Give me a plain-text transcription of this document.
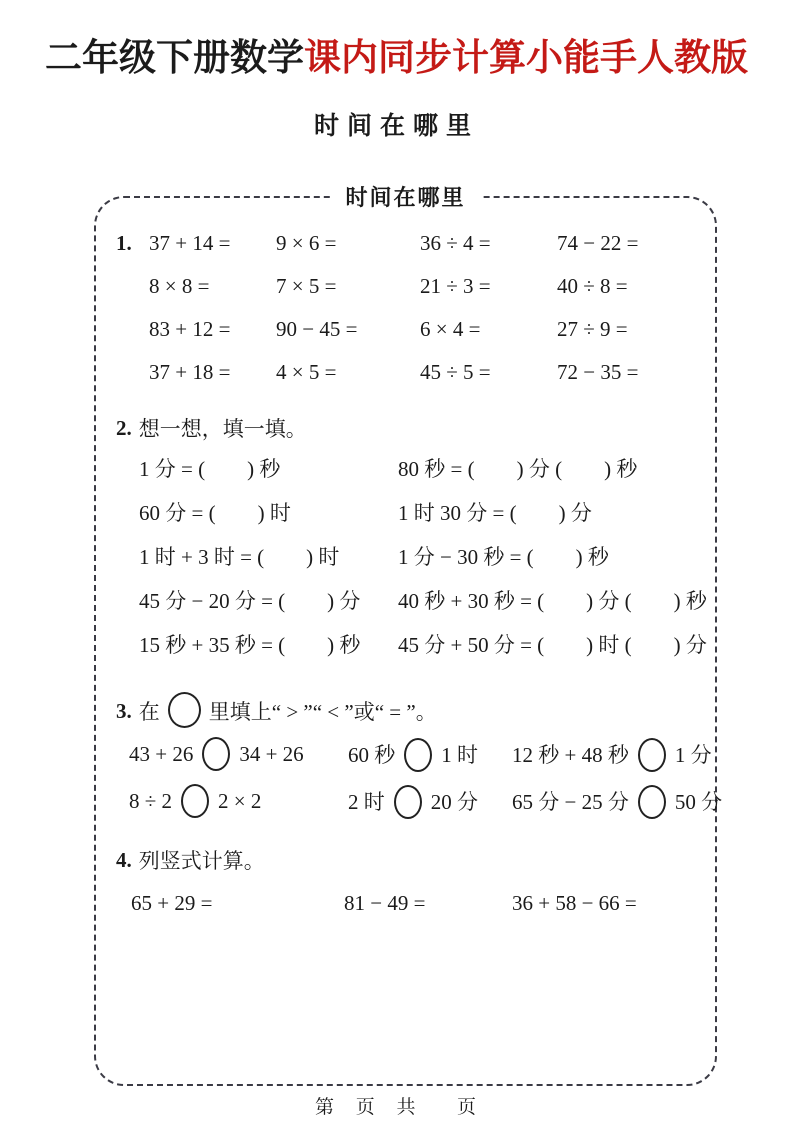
二年级下册数学课内同步计算小能手人教版
时间在哪里
时间在哪里
1. 37 + 14 =	9 × 6 =	36 ÷ 4 =	74 − 22 =
8 × 8 =	7 × 5 =	21 ÷ 3 =	40 ÷ 8 =
83 + 12 =	90 − 45 =	6 × 4 =	27 ÷ 9 =
37 + 18 =	4 × 5 =	45 ÷ 5 =	72 − 35 =
2. 想一想，填一填。
1 分 = (        ) 秒	80 秒 = (        ) 分 (        ) 秒
60 分 = (        ) 时	1 时 30 分 = (        ) 分
1 时 + 3 时 = (        ) 时	1 分 − 30 秒 = (        ) 秒
45 分 − 20 分 = (        ) 分	40 秒 + 30 秒 = (        ) 分 (        ) 秒
15 秒 + 35 秒 = (        ) 秒	45 分 + 50 分 = (        ) 时 (        ) 分
3. 在 里填上“ > ”“ < ”或“ = ”。
43 + 26 34 + 26	60 秒 1 时	12 秒 + 48 秒 1 分
8 ÷ 2 2 × 2	2 时 20 分	65 分 − 25 分 50 分
4. 列竖式计算。
65 + 29 =	81 − 49 =	36 + 58 − 66 =
第 页 共  页
